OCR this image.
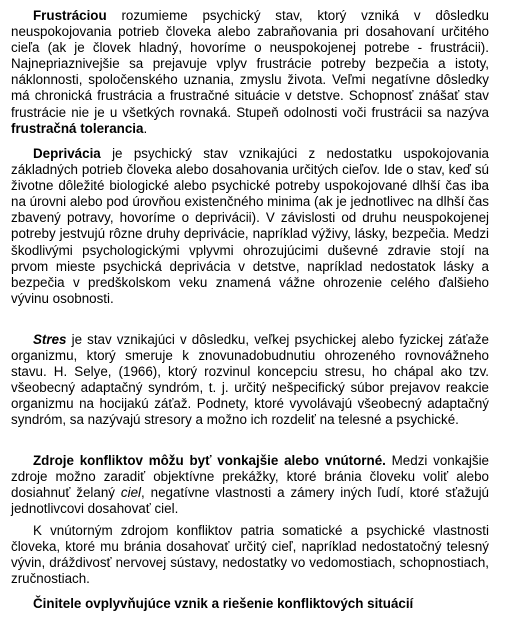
Frustráciou rozumieme psychický stav, ktorý vzniká v dôsledku neuspokojovania potrieb človeka alebo zabraňovania pri dosahovaní určitého cieľa (ak je človek hladný, hovoríme o neuspokojenej potrebe - frustrácii). Najnepriaznivejšie sa prejavuje vplyv frustrácie potreby bezpečia a istoty, náklonnosti, spoločenského uznania, zmyslu života. Veľmi negatívne dôsledky má chronická frustrácia a frustračné situácie v detstve. Schopnosť znášať stav frustrácie nie je u všetkých rovnaká. Stupeň odolnosti voči frustrácii sa nazýva frustračná tolerancia.

Deprivácia je psychický stav vznikajúci z nedostatku uspokojovania základných potrieb človeka alebo dosahovania určitých cieľov. Ide o stav, keď sú životne dôležité biologické alebo psychické potreby uspokojované dlhší čas iba na úrovni alebo pod úrovňou existenčného minima (ak je jednotlivec na dlhší čas zbavený potravy, hovoríme o deprivácii). V závislosti od druhu neuspokojenej potreby jestvujú rôzne druhy deprivácie, napríklad výživy, lásky, bezpečia. Medzi škodlivými psychologickými vplyvmi ohrozujúcimi duševné zdravie stojí na prvom mieste psychická deprivácia v detstve, napríklad nedostatok lásky a bezpečia v predškolskom veku znamená vážne ohrozenie celého ďalšieho vývinu osobnosti.

Stres je stav vznikajúci v dôsledku, veľkej psychickej alebo fyzickej záťaže organizmu, ktorý smeruje k znovunadobudnutiu ohrozeného rovnovážneho stavu. H. Selye, (1966), ktorý rozvinul koncepciu stresu, ho chápal ako tzv. všeobecný adaptačný syndróm, t. j. určitý nešpecifický súbor prejavov reakcie organizmu na hocijakú záťaž. Podnety, ktoré vyvolávajú všeobecný adaptačný syndróm, sa nazývajú stresory a možno ich rozdeliť na telesné a psychické.

Zdroje konfliktov môžu byť vonkajšie alebo vnútorné. Medzi vonkajšie zdroje možno zaradiť objektívne prekážky, ktoré bránia človeku voliť alebo dosiahnuť želaný ciel, negatívne vlastnosti a zámery iných ľudí, ktoré sťažujú jednotlivcovi dosahovať ciel.

K vnútorným zdrojom konfliktov patria somatické a psychické vlastnosti človeka, ktoré mu bránia dosahovať určitý cieľ, napríklad nedostatočný telesný vývin, dráždivosť nervovej sústavy, nedostatky vo vedomostiach, schopnostiach, zručnostiach.

Činitele ovplyvňujúce vznik a riešenie konfliktových situácií
